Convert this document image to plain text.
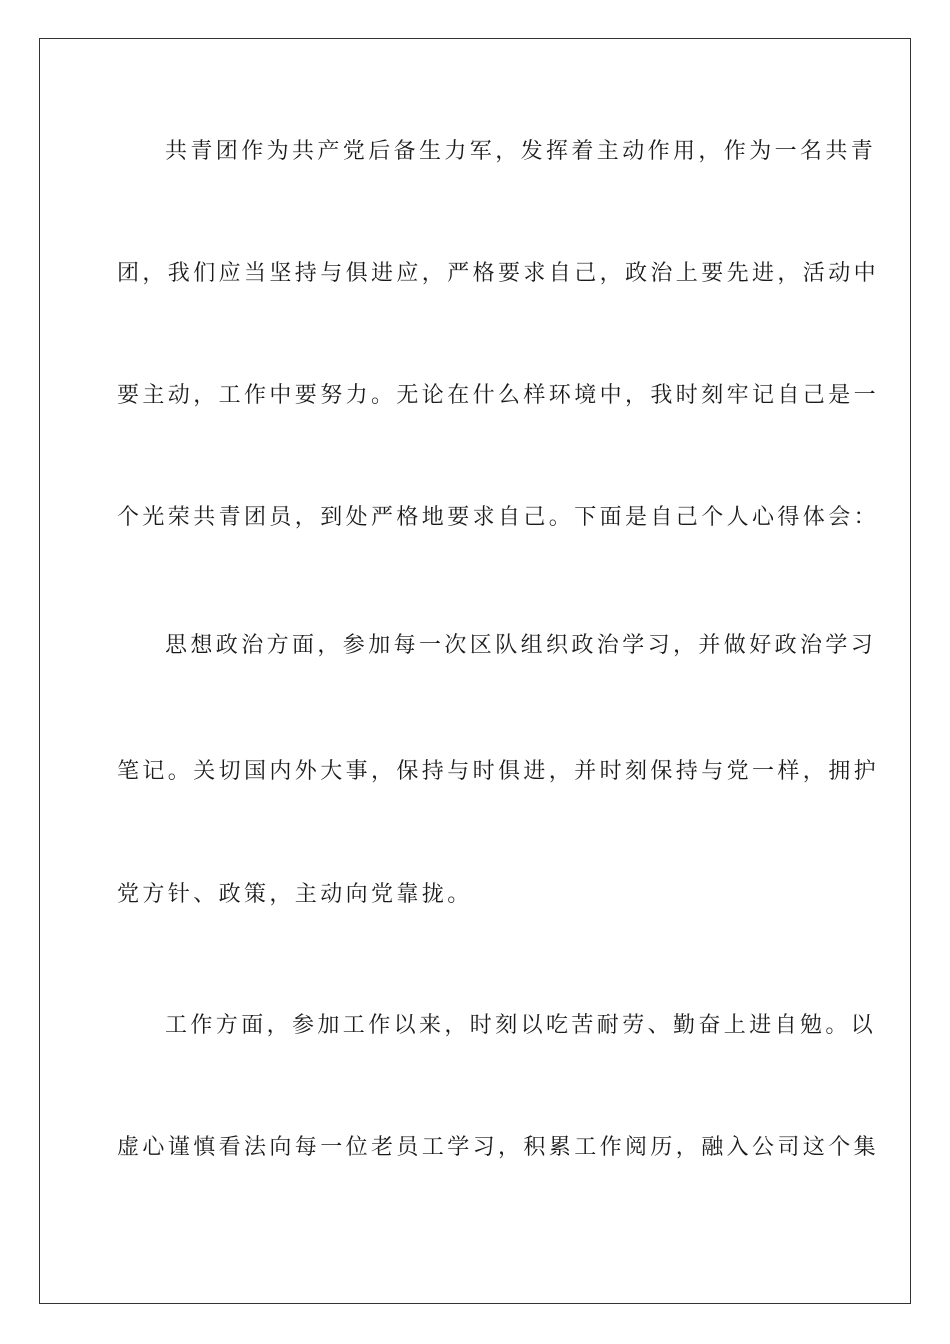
共青团作为共产党后备生力军，发挥着主动作用，作为一名共青
团，我们应当坚持与俱进应，严格要求自己，政治上要先进，活动中
要主动，工作中要努力。无论在什么样环境中，我时刻牢记自己是一
个光荣共青团员，到处严格地要求自己。下面是自己个人心得体会：
思想政治方面，参加每一次区队组织政治学习，并做好政治学习
笔记。关切国内外大事，保持与时俱进，并时刻保持与党一样，拥护
党方针、政策，主动向党靠拢。
工作方面，参加工作以来，时刻以吃苦耐劳、勤奋上进自勉。以
虚心谨慎看法向每一位老员工学习，积累工作阅历，融入公司这个集
